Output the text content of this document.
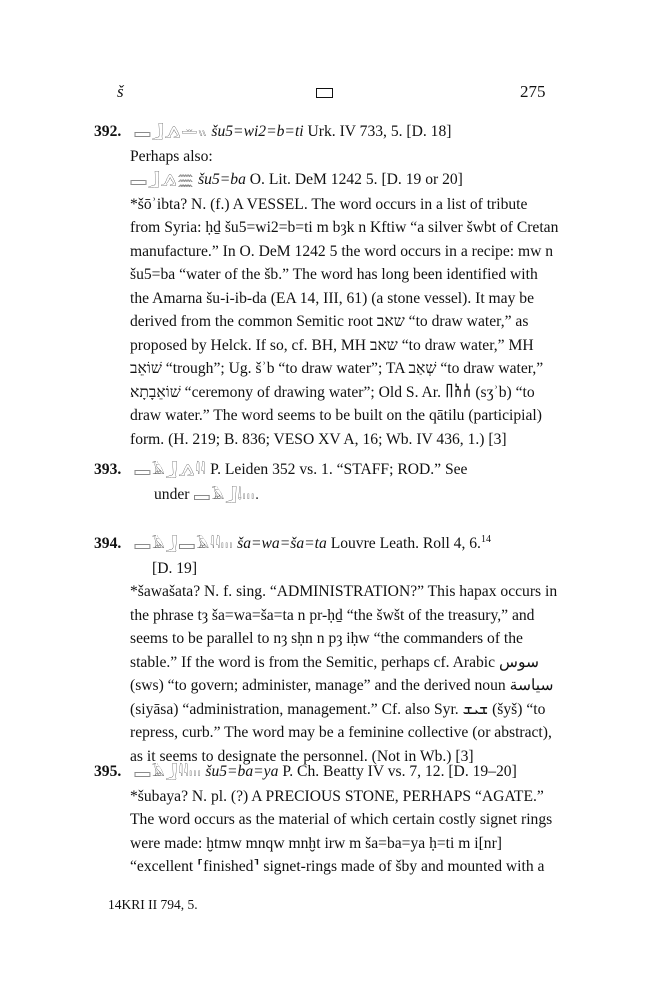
š	275
392. 𓈙𓃀𓂻𓏛𓏭 šu5=wi2=b=ti Urk. IV 733, 5. [D. 18]
Perhaps also:
𓈙𓃀𓂻𓈗 šu5=ba O. Lit. DeM 1242 5. [D. 19 or 20]
*šōʾibta? N. (f.) A VESSEL. The word occurs in a list of tribute
from Syria: ḥḏ šu5=wi2=b=ti m bȝk n Kftiw “a silver šwbt of Cretan
manufacture.” In O. DeM 1242 5 the word occurs in a recipe: mw n
šu5=ba “water of the šb.” The word has long been identified with
the Amarna šu-i-ib-da (EA 14, III, 61) (a stone vessel). It may be
derived from the common Semitic root שאב “to draw water,” as
proposed by Helck. If so, cf. BH, MH שאב “to draw water,” MH
שׁוֹאֵב “trough”; Ug. šʾb “to draw water”; TA שְׁאַב “to draw water,”
שׁוֹאֵבָתָא “ceremony of drawing water”; Old S. Ar. 𐩪𐩱𐩨 (sʒʾb) “to
draw water.” The word seems to be built on the qātilu (participial)
form. (H. 219; B. 836; VESO XV A, 16; Wb. IV 436, 1.) [3]
393. 𓈙𓄿𓃀𓂻𓇋𓇋 P. Leiden 352 vs. 1. “STAFF; ROD.” See
under 𓈙𓄿𓃀𓌃𓏥.
394. 𓈙𓄿𓃀𓈙𓄿𓇋𓇋𓏥 ša=wa=ša=ta Louvre Leath. Roll 4, 6.14
[D. 19]
*šawašata? N. f. sing. “ADMINISTRATION?” This hapax occurs in
the phrase tȝ ša=wa=ša=ta n pr-ḥḏ “the šwšt of the treasury,” and
seems to be parallel to nȝ sḥn n pȝ iḥw “the commanders of the
stable.” If the word is from the Semitic, perhaps cf. Arabic سوس
(sws) “to govern; administer, manage” and the derived noun سياسة
(siyāsa) “administration, management.” Cf. also Syr. ܫܝܫ (šyš) “to
repress, curb.” The word may be a feminine collective (or abstract),
as it seems to designate the personnel. (Not in Wb.) [3]
395. 𓈙𓄿𓃀𓇋𓇋𓏥 šu5=ba=ya P. Ch. Beatty IV vs. 7, 12. [D. 19–20]
*šubaya? N. pl. (?) A PRECIOUS STONE, PERHAPS “AGATE.”
The word occurs as the material of which certain costly signet rings
were made: ḫtmw mnqw mnḫt irw m ša=ba=ya ḥ=ti m i[nr]
“excellent ⸢finished⸣ signet-rings made of šby and mounted with a
14KRI II 794, 5.
